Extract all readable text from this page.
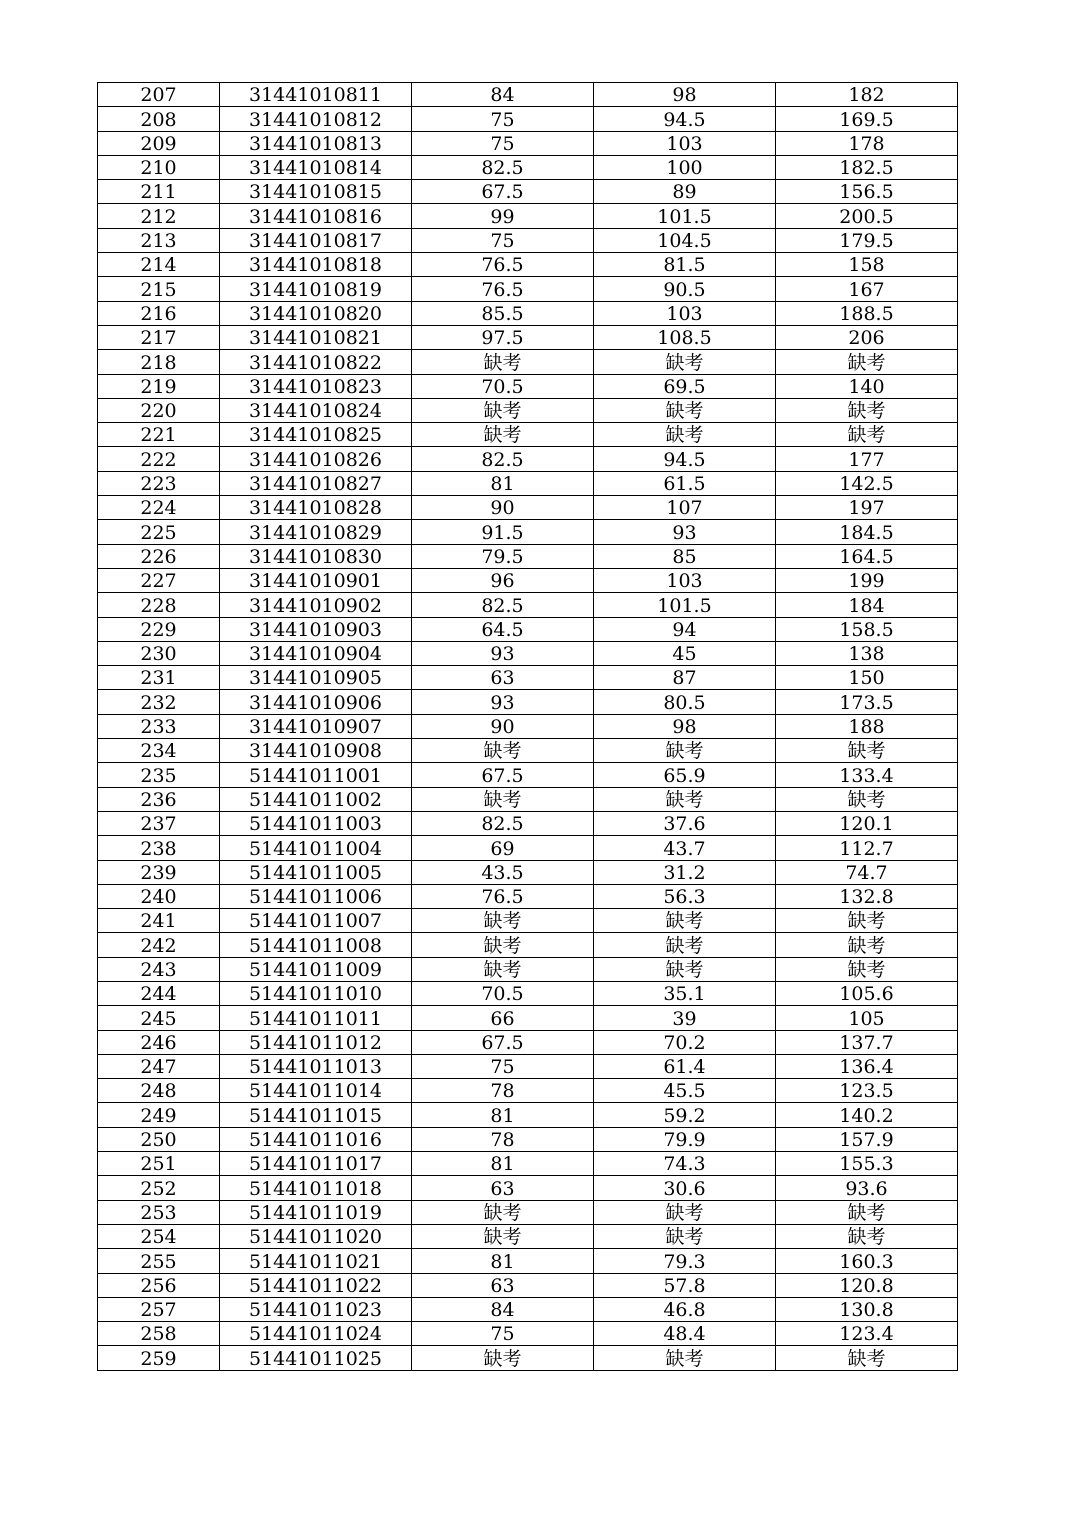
207	31441010811	84	98	182
208	31441010812	75	94.5	169.5
209	31441010813	75	103	178
210	31441010814	82.5	100	182.5
211	31441010815	67.5	89	156.5
212	31441010816	99	101.5	200.5
213	31441010817	75	104.5	179.5
214	31441010818	76.5	81.5	158
215	31441010819	76.5	90.5	167
216	31441010820	85.5	103	188.5
217	31441010821	97.5	108.5	206
218	31441010822	缺考	缺考	缺考
219	31441010823	70.5	69.5	140
220	31441010824	缺考	缺考	缺考
221	31441010825	缺考	缺考	缺考
222	31441010826	82.5	94.5	177
223	31441010827	81	61.5	142.5
224	31441010828	90	107	197
225	31441010829	91.5	93	184.5
226	31441010830	79.5	85	164.5
227	31441010901	96	103	199
228	31441010902	82.5	101.5	184
229	31441010903	64.5	94	158.5
230	31441010904	93	45	138
231	31441010905	63	87	150
232	31441010906	93	80.5	173.5
233	31441010907	90	98	188
234	31441010908	缺考	缺考	缺考
235	51441011001	67.5	65.9	133.4
236	51441011002	缺考	缺考	缺考
237	51441011003	82.5	37.6	120.1
238	51441011004	69	43.7	112.7
239	51441011005	43.5	31.2	74.7
240	51441011006	76.5	56.3	132.8
241	51441011007	缺考	缺考	缺考
242	51441011008	缺考	缺考	缺考
243	51441011009	缺考	缺考	缺考
244	51441011010	70.5	35.1	105.6
245	51441011011	66	39	105
246	51441011012	67.5	70.2	137.7
247	51441011013	75	61.4	136.4
248	51441011014	78	45.5	123.5
249	51441011015	81	59.2	140.2
250	51441011016	78	79.9	157.9
251	51441011017	81	74.3	155.3
252	51441011018	63	30.6	93.6
253	51441011019	缺考	缺考	缺考
254	51441011020	缺考	缺考	缺考
255	51441011021	81	79.3	160.3
256	51441011022	63	57.8	120.8
257	51441011023	84	46.8	130.8
258	51441011024	75	48.4	123.4
259	51441011025	缺考	缺考	缺考
